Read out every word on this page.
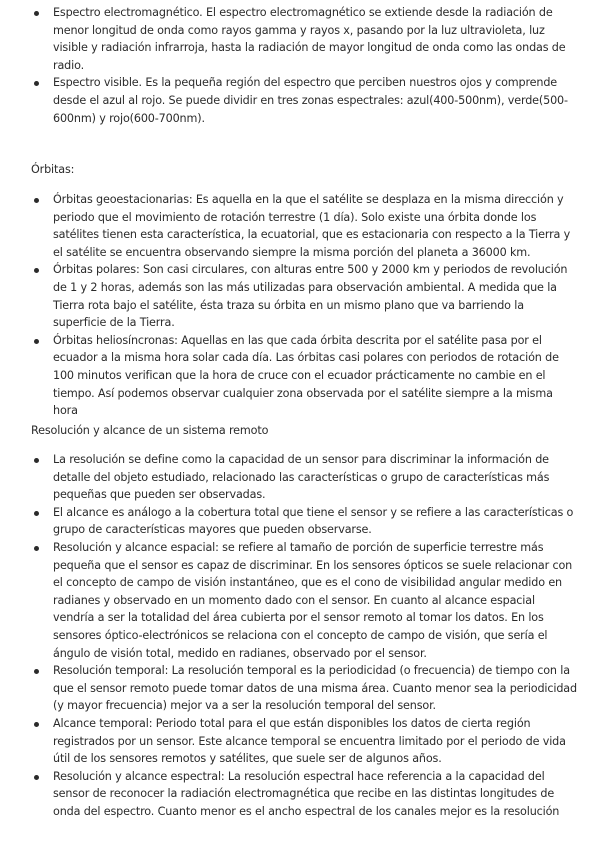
Espectro electromagnético. El espectro electromagnético se extiende desde la radiación de menor longitud de onda como rayos gamma y rayos x, pasando por la luz ultravioleta, luz visible y radiación infrarroja, hasta la radiación de mayor longitud de onda como las ondas de radio.
Espectro visible. Es la pequeña región del espectro que perciben nuestros ojos y comprende desde el azul al rojo. Se puede dividir en tres zonas espectrales: azul(400-500nm), verde(500-600nm) y rojo(600-700nm).

Órbitas:

Órbitas geoestacionarias: Es aquella en la que el satélite se desplaza en la misma dirección y periodo que el movimiento de rotación terrestre (1 día). Solo existe una órbita donde los satélites tienen esta característica, la ecuatorial, que es estacionaria con respecto a la Tierra y el satélite se encuentra observando siempre la misma porción del planeta a 36000 km.
Órbitas polares: Son casi circulares, con alturas entre 500 y 2000 km y periodos de revolución de 1 y 2 horas, además son las más utilizadas para observación ambiental. A medida que la Tierra rota bajo el satélite, ésta traza su órbita en un mismo plano que va barriendo la superficie de la Tierra.
Órbitas heliosíncronas: Aquellas en las que cada órbita descrita por el satélite pasa por el ecuador a la misma hora solar cada día. Las órbitas casi polares con periodos de rotación de 100 minutos verifican que la hora de cruce con el ecuador prácticamente no cambie en el tiempo. Así podemos observar cualquier zona observada por el satélite siempre a la misma hora

Resolución y alcance de un sistema remoto

La resolución se define como la capacidad de un sensor para discriminar la información de detalle del objeto estudiado, relacionado las características o grupo de características más pequeñas que pueden ser observadas.
El alcance es análogo a la cobertura total que tiene el sensor y se refiere a las características o grupo de características mayores que pueden observarse.
Resolución y alcance espacial: se refiere al tamaño de porción de superficie terrestre más pequeña que el sensor es capaz de discriminar. En los sensores ópticos se suele relacionar con el concepto de campo de visión instantáneo, que es el cono de visibilidad angular medido en radianes y observado en un momento dado con el sensor. En cuanto al alcance espacial vendría a ser la totalidad del área cubierta por el sensor remoto al tomar los datos. En los sensores óptico-electrónicos se relaciona con el concepto de campo de visión, que sería el ángulo de visión total, medido en radianes, observado por el sensor.
Resolución temporal: La resolución temporal es la periodicidad (o frecuencia) de tiempo con la que el sensor remoto puede tomar datos de una misma área. Cuanto menor sea la periodicidad (y mayor frecuencia) mejor va a ser la resolución temporal del sensor.
Alcance temporal: Periodo total para el que están disponibles los datos de cierta región registrados por un sensor. Este alcance temporal se encuentra limitado por el periodo de vida útil de los sensores remotos y satélites, que suele ser de algunos años.
Resolución y alcance espectral: La resolución espectral hace referencia a la capacidad del sensor de reconocer la radiación electromagnética que recibe en las distintas longitudes de onda del espectro. Cuanto menor es el ancho espectral de los canales mejor es la resolución
